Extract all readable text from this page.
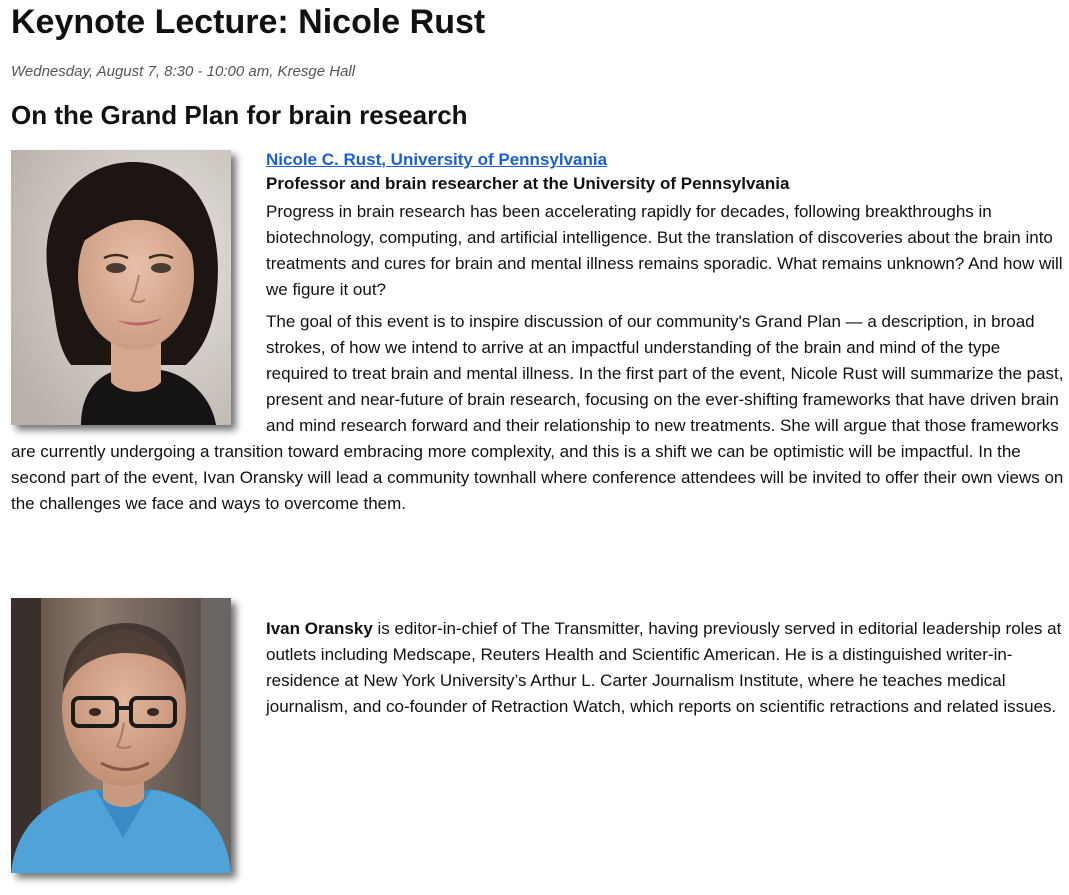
Keynote Lecture: Nicole Rust
Wednesday, August 7, 8:30 - 10:00 am, Kresge Hall
On the Grand Plan for brain research
Nicole C. Rust, University of Pennsylvania
Professor and brain researcher at the University of Pennsylvania

Progress in brain research has been accelerating rapidly for decades, following breakthroughs in biotechnology, computing, and artificial intelligence. But the translation of discoveries about the brain into treatments and cures for brain and mental illness remains sporadic. What remains unknown? And how will we figure it out?

The goal of this event is to inspire discussion of our community's Grand Plan — a description, in broad strokes, of how we intend to arrive at an impactful understanding of the brain and mind of the type required to treat brain and mental illness. In the first part of the event, Nicole Rust will summarize the past, present and near-future of brain research, focusing on the ever-shifting frameworks that have driven brain and mind research forward and their relationship to new treatments. She will argue that those frameworks are currently undergoing a transition toward embracing more complexity, and this is a shift we can be optimistic will be impactful. In the second part of the event, Ivan Oransky will lead a community townhall where conference attendees will be invited to offer their own views on the challenges we face and ways to overcome them.

Ivan Oransky is editor-in-chief of The Transmitter, having previously served in editorial leadership roles at outlets including Medscape, Reuters Health and Scientific American. He is a distinguished writer-in-residence at New York University’s Arthur L. Carter Journalism Institute, where he teaches medical journalism, and co-founder of Retraction Watch, which reports on scientific retractions and related issues.
